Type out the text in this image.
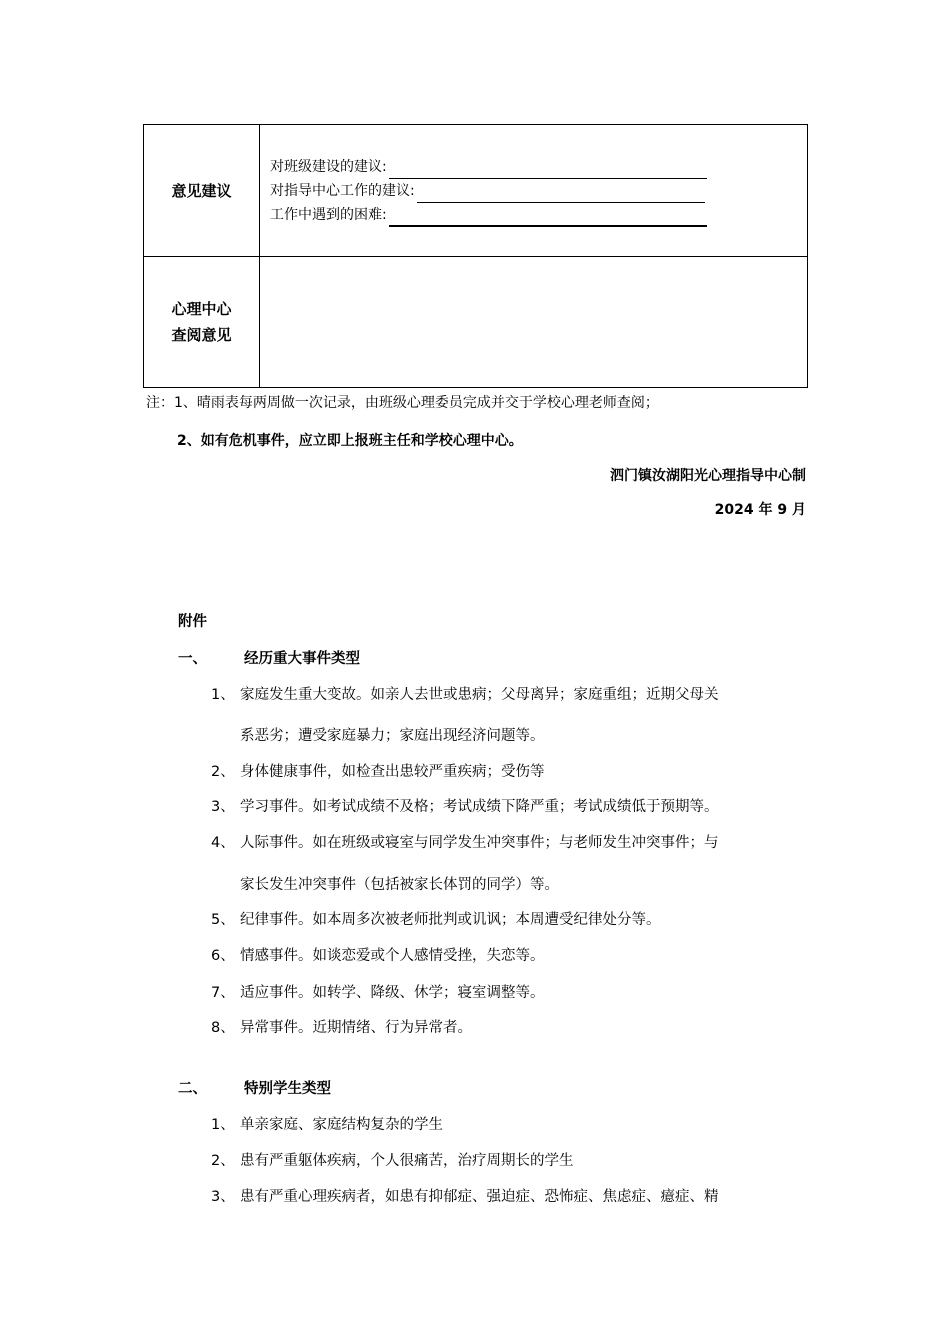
意见建议	对班级建设的建议:
对指导中心工作的建议:
工作中遇到的困难:

心理中心
查阅意见	

注：1、晴雨表每两周做一次记录，由班级心理委员完成并交于学校心理老师查阅；
2、如有危机事件，应立即上报班主任和学校心理中心。
泗门镇汝湖阳光心理指导中心制
2024 年 9 月
附件
一、	经历重大事件类型
1、 家庭发生重大变故。如亲人去世或患病；父母离异；家庭重组；近期父母关
系恶劣；遭受家庭暴力；家庭出现经济问题等。
2、 身体健康事件，如检查出患较严重疾病；受伤等
3、 学习事件。如考试成绩不及格；考试成绩下降严重；考试成绩低于预期等。
4、 人际事件。如在班级或寝室与同学发生冲突事件；与老师发生冲突事件；与
家长发生冲突事件（包括被家长体罚的同学）等。
5、 纪律事件。如本周多次被老师批判或讥讽；本周遭受纪律处分等。
6、 情感事件。如谈恋爱或个人感情受挫，失恋等。
7、 适应事件。如转学、降级、休学；寝室调整等。
8、 异常事件。近期情绪、行为异常者。
二、	特别学生类型
1、 单亲家庭、家庭结构复杂的学生
2、 患有严重躯体疾病，个人很痛苦，治疗周期长的学生
3、 患有严重心理疾病者，如患有抑郁症、强迫症、恐怖症、焦虑症、癔症、精
